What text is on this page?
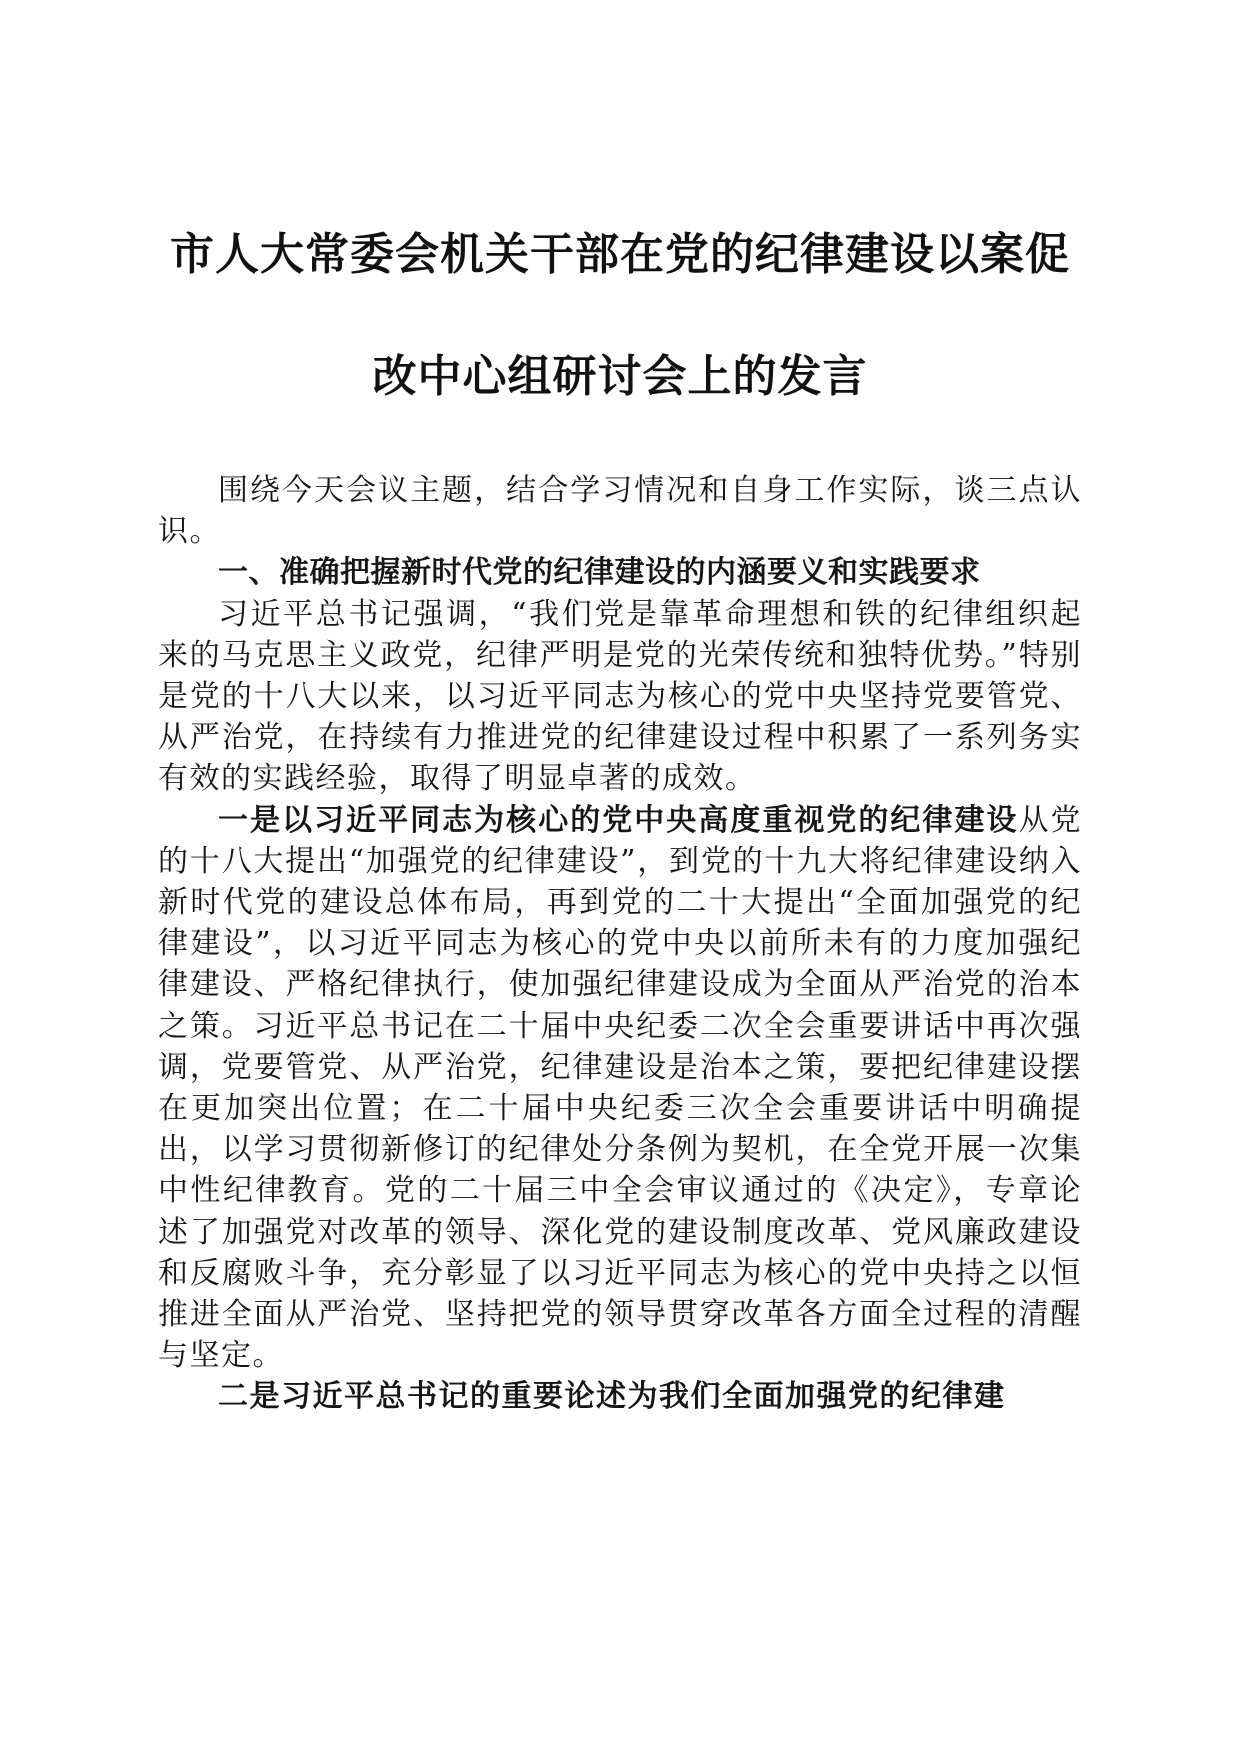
市人大常委会机关干部在党的纪律建设以案促
改中心组研讨会上的发言

围绕今天会议主题，结合学习情况和自身工作实际，谈三点认识。

一、准确把握新时代党的纪律建设的内涵要义和实践要求

习近平总书记强调，“我们党是靠革命理想和铁的纪律组织起来的马克思主义政党，纪律严明是党的光荣传统和独特优势。”特别是党的十八大以来，以习近平同志为核心的党中央坚持党要管党、从严治党，在持续有力推进党的纪律建设过程中积累了一系列务实有效的实践经验，取得了明显卓著的成效。

一是以习近平同志为核心的党中央高度重视党的纪律建设从党的十八大提出“加强党的纪律建设”，到党的十九大将纪律建设纳入新时代党的建设总体布局，再到党的二十大提出“全面加强党的纪律建设”，以习近平同志为核心的党中央以前所未有的力度加强纪律建设、严格纪律执行，使加强纪律建设成为全面从严治党的治本之策。习近平总书记在二十届中央纪委二次全会重要讲话中再次强调，党要管党、从严治党，纪律建设是治本之策，要把纪律建设摆在更加突出位置；在二十届中央纪委三次全会重要讲话中明确提出，以学习贯彻新修订的纪律处分条例为契机，在全党开展一次集中性纪律教育。党的二十届三中全会审议通过的《决定》，专章论述了加强党对改革的领导、深化党的建设制度改革、党风廉政建设和反腐败斗争，充分彰显了以习近平同志为核心的党中央持之以恒推进全面从严治党、坚持把党的领导贯穿改革各方面全过程的清醒与坚定。

二是习近平总书记的重要论述为我们全面加强党的纪律建
